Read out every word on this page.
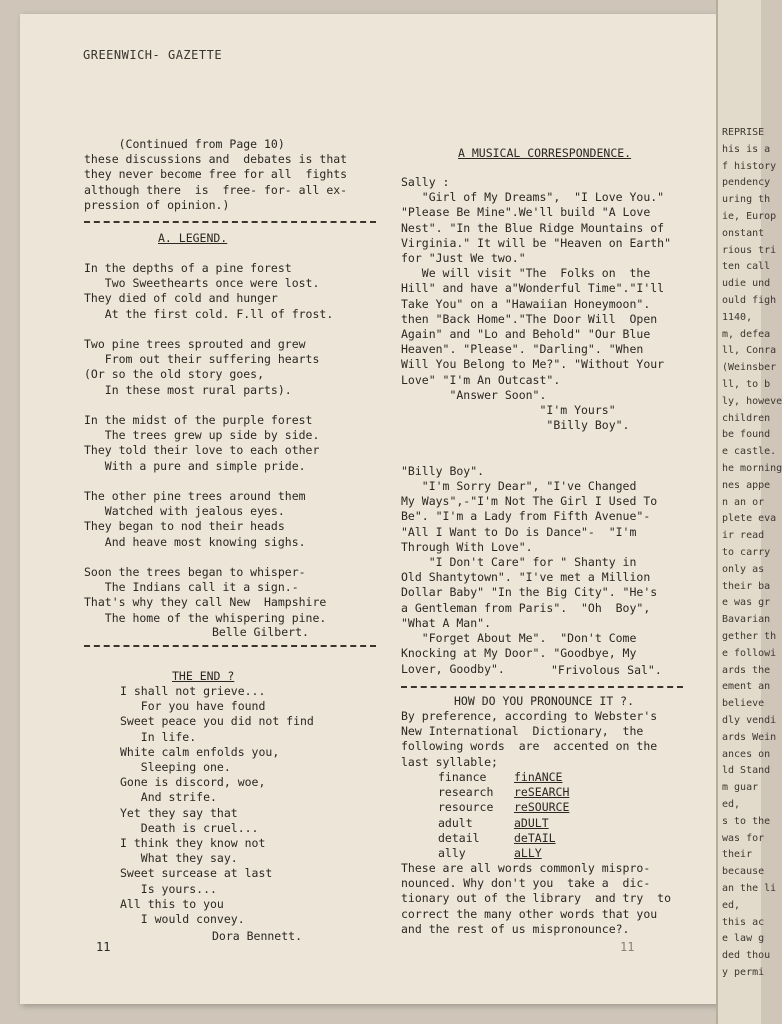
GREENWICH- GAZETTE
(Continued from Page 10)
these discussions and  debates is that
they never become free for all  fights
although there  is  free- for- all ex-
pression of opinion.)
A. LEGEND.
In the depths of a pine forest
Two Sweethearts once were lost.
They died of cold and hunger
At the first cold. F.ll of frost.

Two pine trees sprouted and grew
From out their suffering hearts
(Or so the old story goes,
In these most rural parts).

In the midst of the purple forest
The trees grew up side by side.
They told their love to each other
With a pure and simple pride.

The other pine trees around them
Watched with jealous eyes.
They began to nod their heads
And heave most knowing sighs.

Soon the trees began to whisper-
The Indians call it a sign.-
That's why they call New  Hampshire
The home of the whispering pine.
Belle Gilbert.
THE END ?
I shall not grieve...
For you have found
Sweet peace you did not find
In life.
White calm enfolds you,
Sleeping one.
Gone is discord, woe,
And strife.
Yet they say that
Death is cruel...
I think they know not
What they say.
Sweet surcease at last
Is yours...
All this to you
I would convey.
Dora Bennett.
11
A MUSICAL CORRESPONDENCE.
Sally :
"Girl of My Dreams",  "I Love You."
"Please Be Mine".We'll build "A Love
Nest". "In the Blue Ridge Mountains of
Virginia." It will be "Heaven on Earth"
for "Just We two."
We will visit "The  Folks on  the
Hill" and have a"Wonderful Time"."I'll
Take You" on a "Hawaiian Honeymoon".
then "Back Home"."The Door Will  Open
Again" and "Lo and Behold" "Our Blue
Heaven". "Please". "Darling". "When
Will You Belong to Me?". "Without Your
Love" "I'm An Outcast".
"Answer Soon".
"I'm Yours"
"Billy Boy".

"Billy Boy".
"I'm Sorry Dear", "I've Changed
My Ways",-"I'm Not The Girl I Used To
Be". "I'm a Lady from Fifth Avenue"-
"All I Want to Do is Dance"-  "I'm
Through With Love".
"I Don't Care" for " Shanty in
Old Shantytown". "I've met a Million
Dollar Baby" "In the Big City". "He's
a Gentleman from Paris".  "Oh  Boy",
"What A Man".
"Forget About Me".  "Don't Come
Knocking at My Door". "Goodbye, My
Lover, Goodby".	"Frivolous Sal".
HOW DO YOU PRONOUNCE IT ?.
By preference, according to Webster's
New International  Dictionary,  the
following words  are  accented on the
last syllable;
finance finANCE
research reSEARCH
resource reSOURCE
adult	aDULT
detail	deTAIL
ally	aLLY
These are all words commonly mispro-
nounced. Why don't you  take a  dic-
tionary out of the library  and try  to
correct the many other words that you
and the rest of us mispronounce?.
11
REPRISE
his is a
f history
pendency
uring th
ie, Europ
onstant
rious tri
ten call
udie und
ould figh
1140,
m, defea
ll, Conra
(Weinsber
ll, to b
ly, howeve
children
be found
e castle.
he morning
nes appe
n an or
plete eva
ir read
to carry
only as
their ba
e was gr
Bavarian
gether th
e followi
ards the
ement an
believe
dly vendi
ards Wein
ances on
ld Stand
m guar
ed,
s to the
was for
their
because
an the li
ed,
this ac
e law g
ded thou
y permi
